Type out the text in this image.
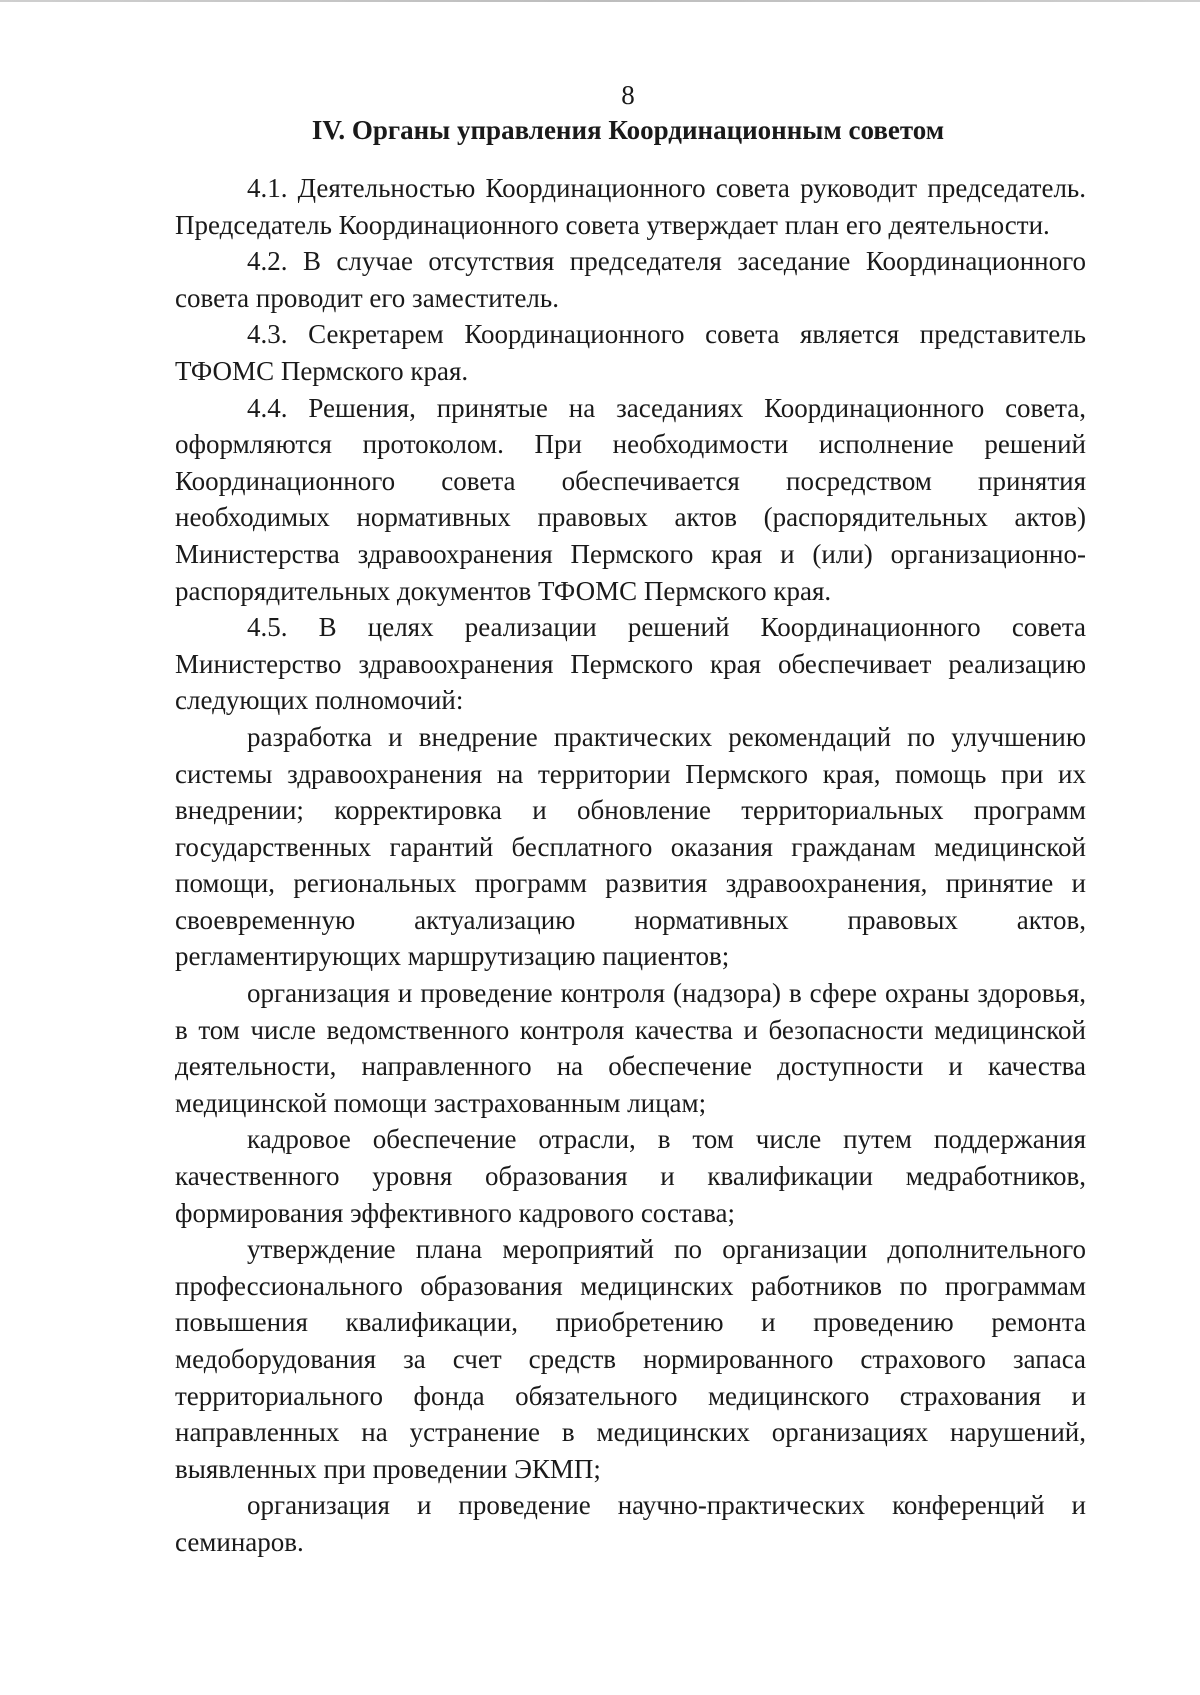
8
IV. Органы управления Координационным советом

4.1. Деятельностью Координационного совета руководит председатель. Председатель Координационного совета утверждает план его деятельности.

4.2. В случае отсутствия председателя заседание Координационного совета проводит его заместитель.

4.3. Секретарем Координационного совета является представитель ТФОМС Пермского края.

4.4. Решения, принятые на заседаниях Координационного совета, оформляются протоколом. При необходимости исполнение решений Координационного совета обеспечивается посредством принятия необходимых нормативных правовых актов (распорядительных актов) Министерства здравоохранения Пермского края и (или) организационно-распорядительных документов ТФОМС Пермского края.

4.5. В целях реализации решений Координационного совета Министерство здравоохранения Пермского края обеспечивает реализацию следующих полномочий:

разработка и внедрение практических рекомендаций по улучшению системы здравоохранения на территории Пермского края, помощь при их внедрении; корректировка и обновление территориальных программ государственных гарантий бесплатного оказания гражданам медицинской помощи, региональных программ развития здравоохранения, принятие и своевременную актуализацию нормативных правовых актов, регламентирующих маршрутизацию пациентов;

организация и проведение контроля (надзора) в сфере охраны здоровья, в том числе ведомственного контроля качества и безопасности медицинской деятельности, направленного на обеспечение доступности и качества медицинской помощи застрахованным лицам;

кадровое обеспечение отрасли, в том числе путем поддержания качественного уровня образования и квалификации медработников, формирования эффективного кадрового состава;

утверждение плана мероприятий по организации дополнительного профессионального образования медицинских работников по программам повышения квалификации, приобретению и проведению ремонта медоборудования за счет средств нормированного страхового запаса территориального фонда обязательного медицинского страхования и направленных на устранение в медицинских организациях нарушений, выявленных при проведении ЭКМП;

организация и проведение научно-практических конференций и семинаров.
